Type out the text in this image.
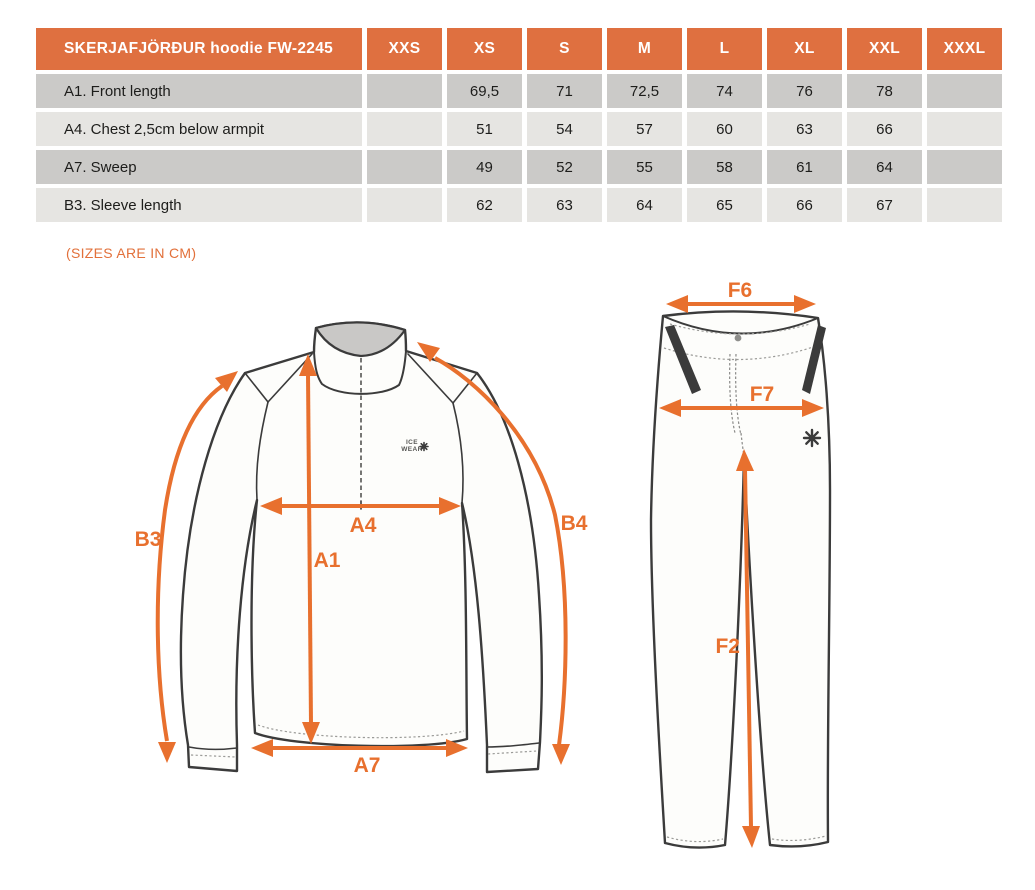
SKERJAFJÖRÐUR hoodie FW-2245	XXS	XS	S	M	L	XL	XXL	XXXL
A1. Front length		69,5	71	72,5	74	76	78	
A4. Chest 2,5cm below armpit		51	54	57	60	63	66	
A7. Sweep		49	52	55	58	61	64	
B3. Sleeve length		62	63	64	65	66	67	
(SIZES ARE IN CM)
ICE
WEAR
B3
A4
A1
B4
A7
F6
F7
F2
